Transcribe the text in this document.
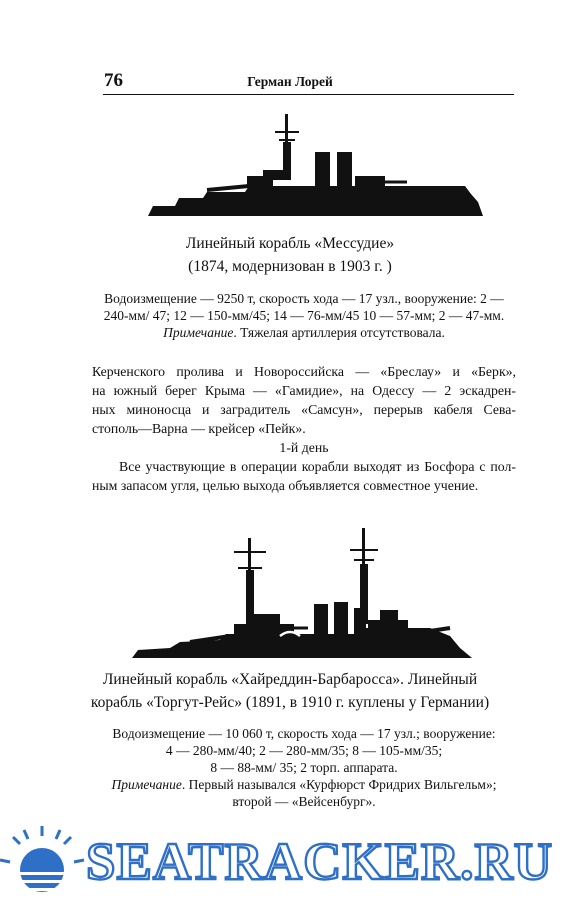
76	Герман Лорей
Линейный корабль «Мессудие»
(1874, модернизован в 1903 г. )
Водоизмещение — 9250 т, скорость хода — 17 узл., вооружение: 2 —
240-мм/ 47; 12 — 150-мм/45; 14 — 76-мм/45 10 — 57-мм; 2 — 47-мм.
Примечание. Тяжелая артиллерия отсутствовала.
Керченского пролива и Новороссийска — «Бреслау» и «Берк»,
на южный берег Крыма — «Гамидие», на Одессу — 2 эскадрен-
ных миноносца и заградитель «Самсун», перерыв кабеля Сева-
стополь—Варна — крейсер «Пейк».
1-й день
Все участвующие в операции корабли выходят из Босфора с пол-
ным запасом угля, целью выхода объявляется совместное учение.
Линейный корабль «Хайреддин-Барбаросса». Линейный
корабль «Торгут-Рейс» (1891, в 1910 г. куплены у Германии)
Водоизмещение — 10 060 т, скорость хода — 17 узл.; вооружение:
4 — 280-мм/40; 2 — 280-мм/35; 8 — 105-мм/35;
8 — 88-мм/ 35; 2 торп. аппарата.
Примечание. Первый назывался «Курфюрст Фридрих Вильгельм»;
второй — «Вейсенбург».
SEATRACKER.RU
